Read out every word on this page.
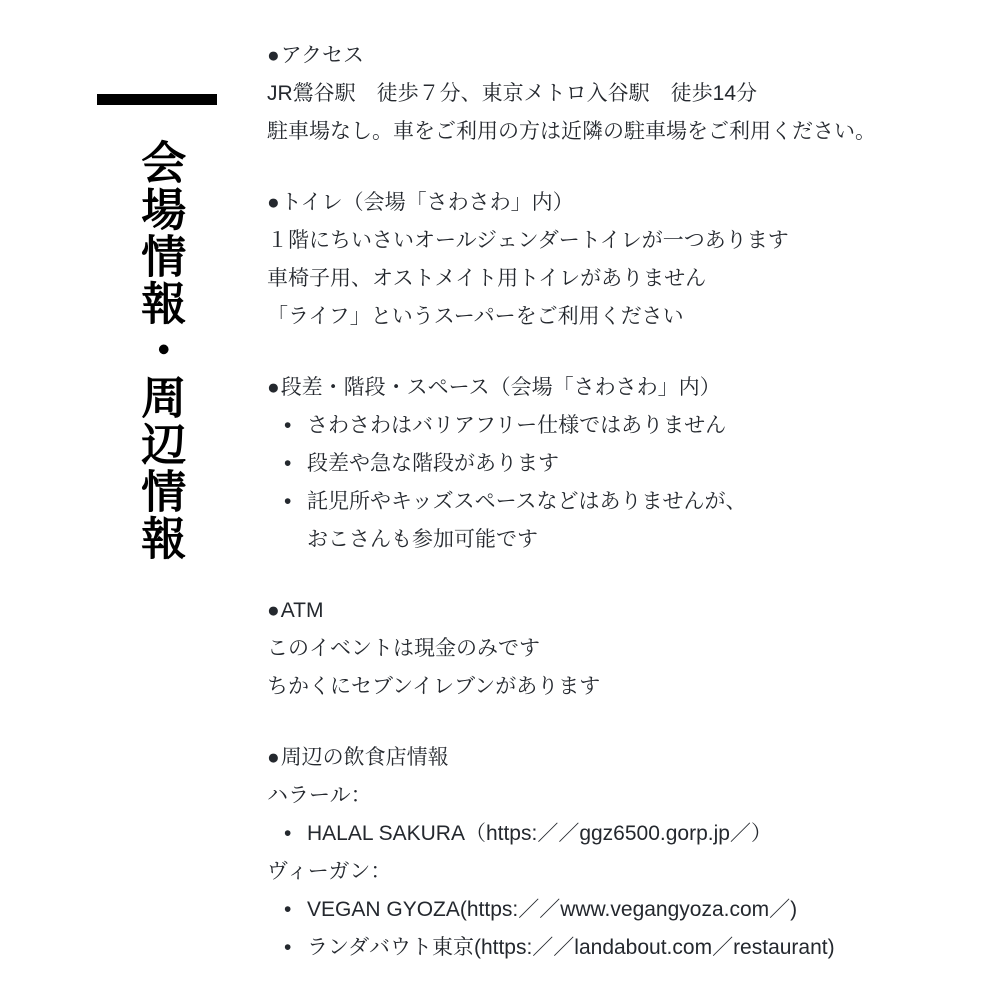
会場情報・周辺情報
●アクセス
JR鶯谷駅　徒歩７分、東京メトロ入谷駅　徒歩14分
駐車場なし。車をご利用の方は近隣の駐車場をご利用ください。
●トイレ（会場「さわさわ」内）
１階にちいさいオールジェンダートイレが一つあります
車椅子用、オストメイト用トイレがありません
「ライフ」というスーパーをご利用ください
●段差・階段・スペース（会場「さわさわ」内）
• さわさわはバリアフリー仕様ではありません
• 段差や急な階段があります
• 託児所やキッズスペースなどはありませんが、
おこさんも参加可能です
●ATM
このイベントは現金のみです
ちかくにセブンイレブンがあります
●周辺の飲食店情報
ハラール：
• HALAL SAKURA（https:／／ggz6500.gorp.jp／）
ヴィーガン：
• VEGAN GYOZA(https:／／www.vegangyoza.com／)
• ランダバウト東京(https:／／landabout.com／restaurant)
